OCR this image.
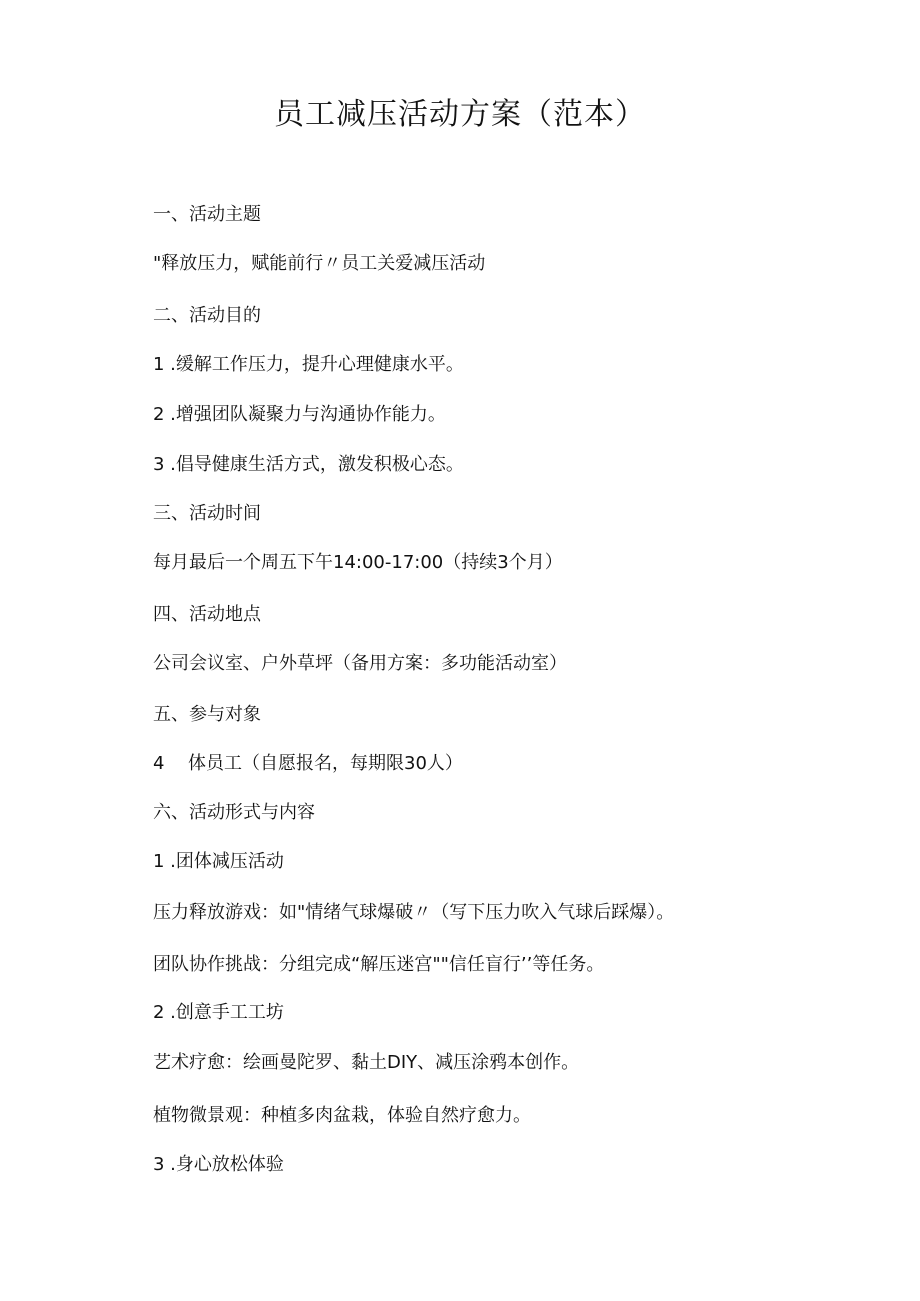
员工减压活动方案（范本）

一、活动主题

"释放压力，赋能前行〃员工关爱减压活动

二、活动目的

1 .缓解工作压力，提升心理健康水平。

2 .增强团队凝聚力与沟通协作能力。

3 .倡导健康生活方式，激发积极心态。

三、活动时间

每月最后一个周五下午14:00-17:00（持续3个月）

四、活动地点

公司会议室、户外草坪（备用方案：多功能活动室）

五、参与对象

4 体员工（自愿报名，每期限30人）

六、活动形式与内容

1 .团体减压活动

压力释放游戏：如"情绪气球爆破〃（写下压力吹入气球后踩爆）。

团队协作挑战：分组完成“解压迷宫""信任盲行’’等任务。

2 .创意手工工坊

艺术疗愈：绘画曼陀罗、黏土DIY、减压涂鸦本创作。

植物微景观：种植多肉盆栽，体验自然疗愈力。

3 .身心放松体验
